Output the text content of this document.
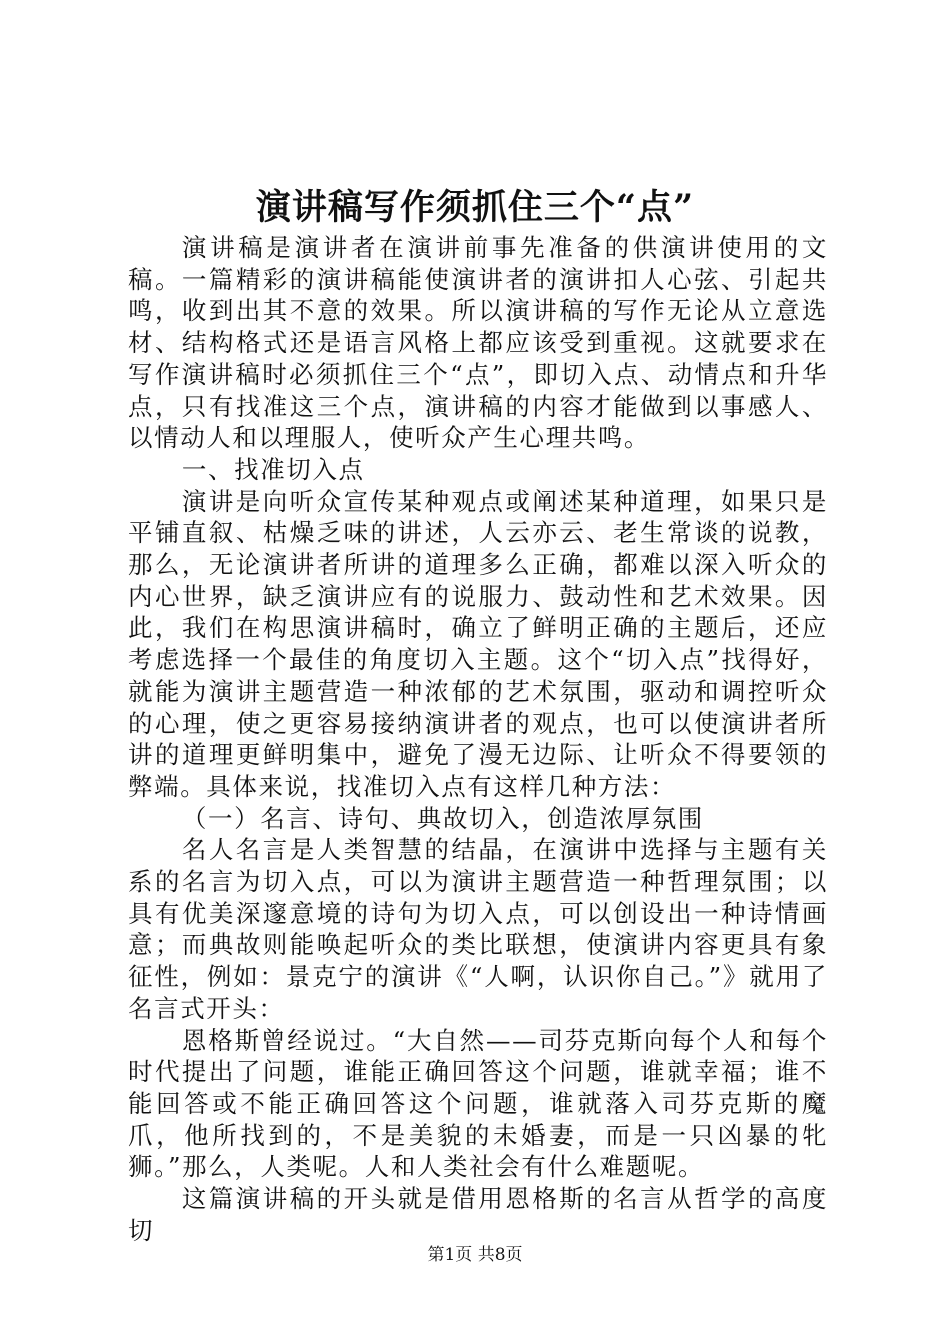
演讲稿写作须抓住三个“点”

演讲稿是演讲者在演讲前事先准备的供演讲使用的文稿。一篇精彩的演讲稿能使演讲者的演讲扣人心弦、引起共鸣，收到出其不意的效果。所以演讲稿的写作无论从立意选材、结构格式还是语言风格上都应该受到重视。这就要求在写作演讲稿时必须抓住三个“点”，即切入点、动情点和升华点，只有找准这三个点，演讲稿的内容才能做到以事感人、以情动人和以理服人，使听众产生心理共鸣。

一、找准切入点

演讲是向听众宣传某种观点或阐述某种道理，如果只是平铺直叙、枯燥乏味的讲述，人云亦云、老生常谈的说教，那么，无论演讲者所讲的道理多么正确，都难以深入听众的内心世界，缺乏演讲应有的说服力、鼓动性和艺术效果。因此，我们在构思演讲稿时，确立了鲜明正确的主题后，还应考虑选择一个最佳的角度切入主题。这个“切入点”找得好，就能为演讲主题营造一种浓郁的艺术氛围，驱动和调控听众的心理，使之更容易接纳演讲者的观点，也可以使演讲者所讲的道理更鲜明集中，避免了漫无边际、让听众不得要领的弊端。具体来说，找准切入点有这样几种方法：

（一）名言、诗句、典故切入，创造浓厚氛围

名人名言是人类智慧的结晶，在演讲中选择与主题有关系的名言为切入点，可以为演讲主题营造一种哲理氛围；以具有优美深邃意境的诗句为切入点，可以创设出一种诗情画意；而典故则能唤起听众的类比联想，使演讲内容更具有象征性，例如：景克宁的演讲《“人啊，认识你自己。”》就用了名言式开头：

恩格斯曾经说过。“大自然——司芬克斯向每个人和每个时代提出了问题，谁能正确回答这个问题，谁就幸福；谁不能回答或不能正确回答这个问题，谁就落入司芬克斯的魔爪，他所找到的，不是美貌的未婚妻，而是一只凶暴的牝狮。”那么，人类呢。人和人类社会有什么难题呢。

这篇演讲稿的开头就是借用恩格斯的名言从哲学的高度切

第1页 共8页
